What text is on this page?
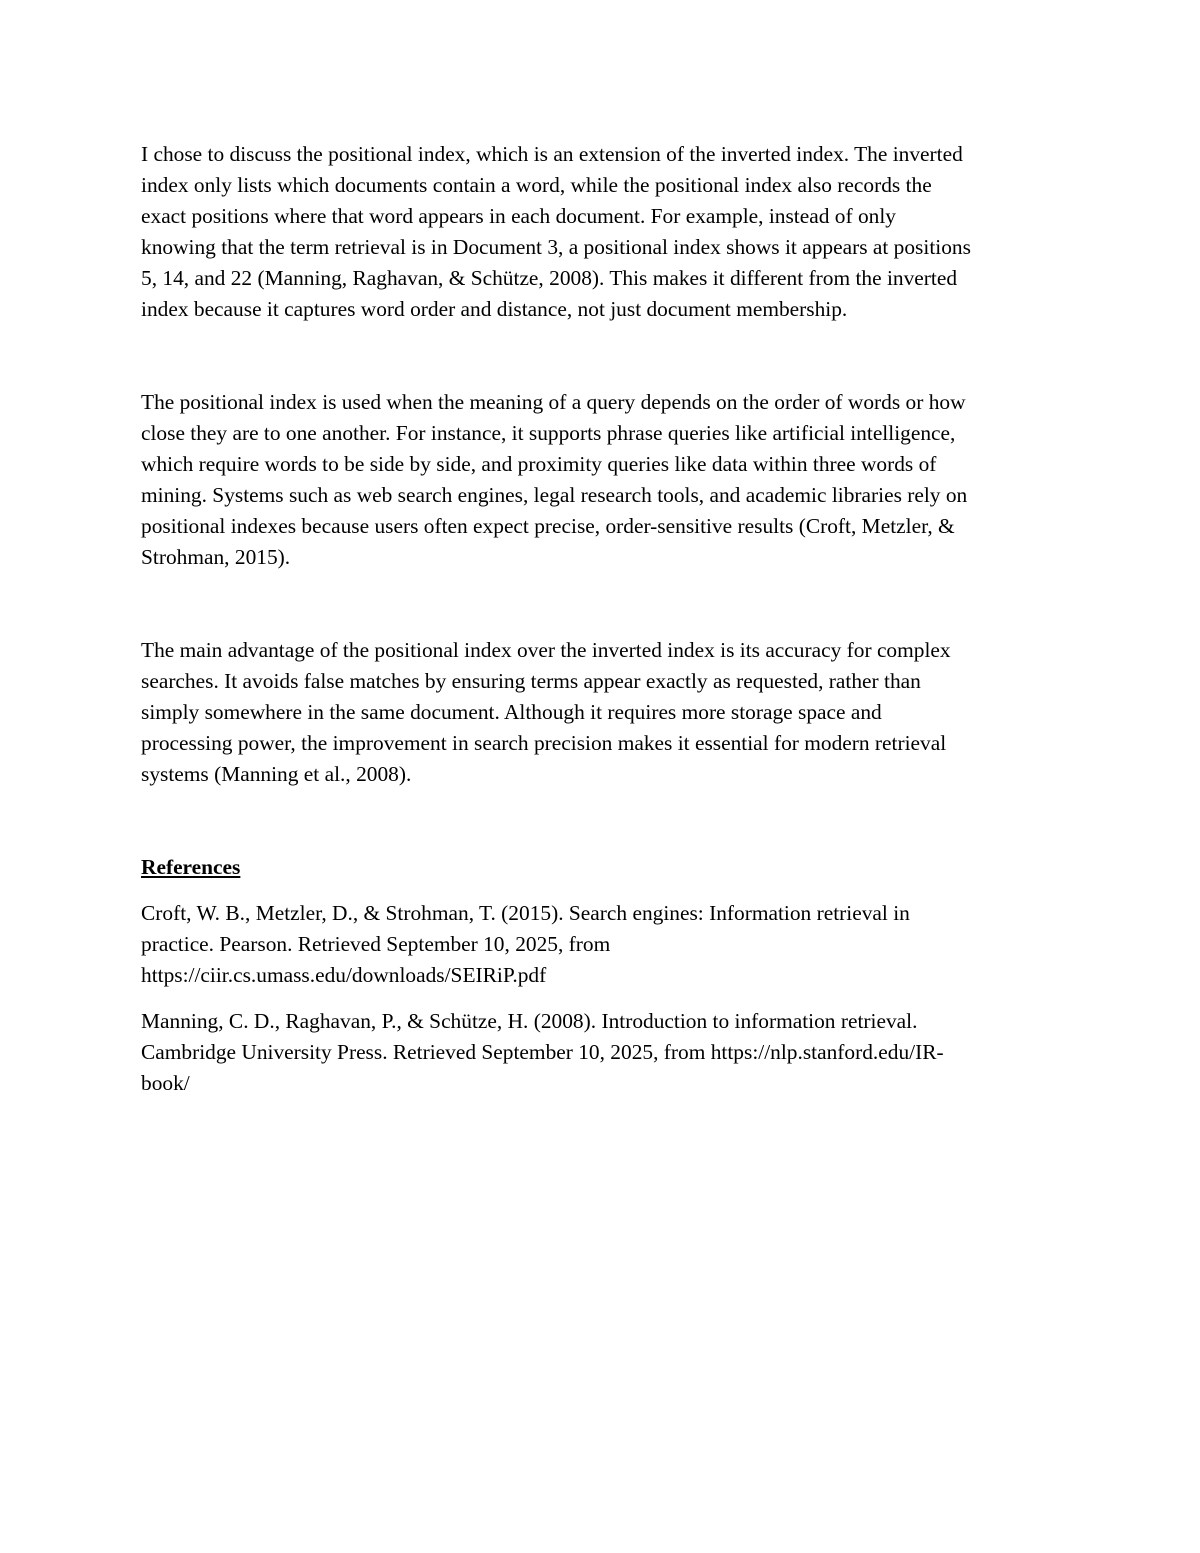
I chose to discuss the positional index, which is an extension of the inverted index. The inverted
index only lists which documents contain a word, while the positional index also records the
exact positions where that word appears in each document. For example, instead of only
knowing that the term retrieval is in Document 3, a positional index shows it appears at positions
5, 14, and 22 (Manning, Raghavan, & Schütze, 2008). This makes it different from the inverted
index because it captures word order and distance, not just document membership.

The positional index is used when the meaning of a query depends on the order of words or how
close they are to one another. For instance, it supports phrase queries like artificial intelligence,
which require words to be side by side, and proximity queries like data within three words of
mining. Systems such as web search engines, legal research tools, and academic libraries rely on
positional indexes because users often expect precise, order-sensitive results (Croft, Metzler, &
Strohman, 2015).

The main advantage of the positional index over the inverted index is its accuracy for complex
searches. It avoids false matches by ensuring terms appear exactly as requested, rather than
simply somewhere in the same document. Although it requires more storage space and
processing power, the improvement in search precision makes it essential for modern retrieval
systems (Manning et al., 2008).

References

Croft, W. B., Metzler, D., & Strohman, T. (2015). Search engines: Information retrieval in
practice. Pearson. Retrieved September 10, 2025, from
https://ciir.cs.umass.edu/downloads/SEIRiP.pdf

Manning, C. D., Raghavan, P., & Schütze, H. (2008). Introduction to information retrieval.
Cambridge University Press. Retrieved September 10, 2025, from https://nlp.stanford.edu/IR-
book/
